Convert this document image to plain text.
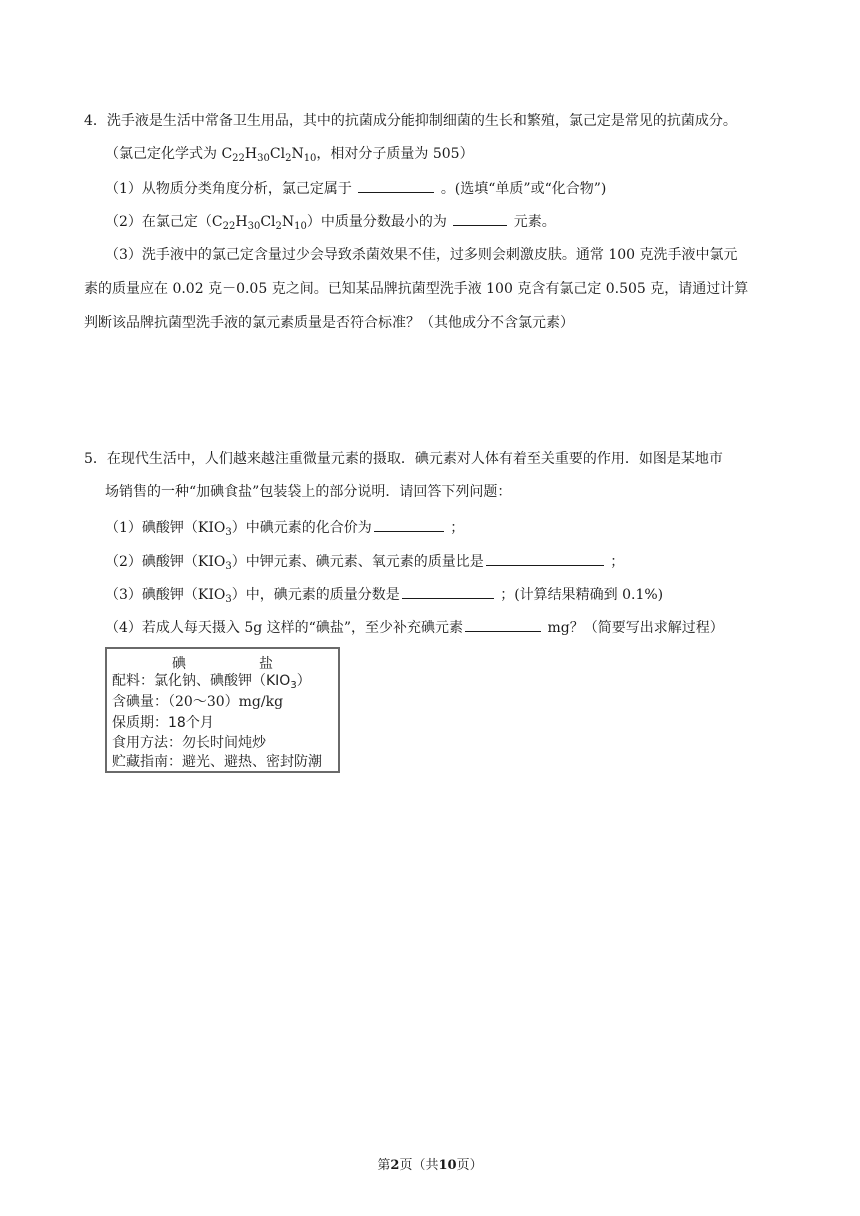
4．洗手液是生活中常备卫生用品，其中的抗菌成分能抑制细菌的生长和繁殖，氯己定是常见的抗菌成分。
（氯己定化学式为 $C_{22}H_{30}Cl_2N_{10}$，相对分子质量为 505）
（1）从物质分类角度分析，氯己定属于	。(选填“单质”或“化合物”)
（2）在氯己定$(C_{22}H_{30}Cl_2N_{10})$中质量分数最小的为	元素。
（3）洗手液中的氯己定含量过少会导致杀菌效果不佳，过多则会刺激皮肤。通常 100 克洗手液中氯元
素的质量应在 0.02 克－0.05 克之间。已知某品牌抗菌型洗手液 100 克含有氯己定 0.505 克，请通过计算
判断该品牌抗菌型洗手液的氯元素质量是否符合标准？（其他成分不含氯元素）
5．在现代生活中，人们越来越注重微量元素的摄取．碘元素对人体有着至关重要的作用．如图是某地市
场销售的一种“加碘食盐”包装袋上的部分说明．请回答下列问题：
（1）碘酸钾$(KIO_3)$中碘元素的化合价为	；
（2）碘酸钾$(KIO_3)$中钾元素、碘元素、氧元素的质量比是	；
（3）碘酸钾$(KIO_3)$中，碘元素的质量分数是	；(计算结果精确到 0.1%)
（4）若成人每天摄入 5g 这样的“碘盐”，至少补充碘元素	mg？（简要写出求解过程）
碘	盐
配料：氯化钠、碘酸钾$(KIO_3)$
含碘量：（20～30）mg/kg
保质期：18个月
食用方法：勿长时间炖炒
贮藏指南：避光、避热、密封防潮
第2页（共10页）
